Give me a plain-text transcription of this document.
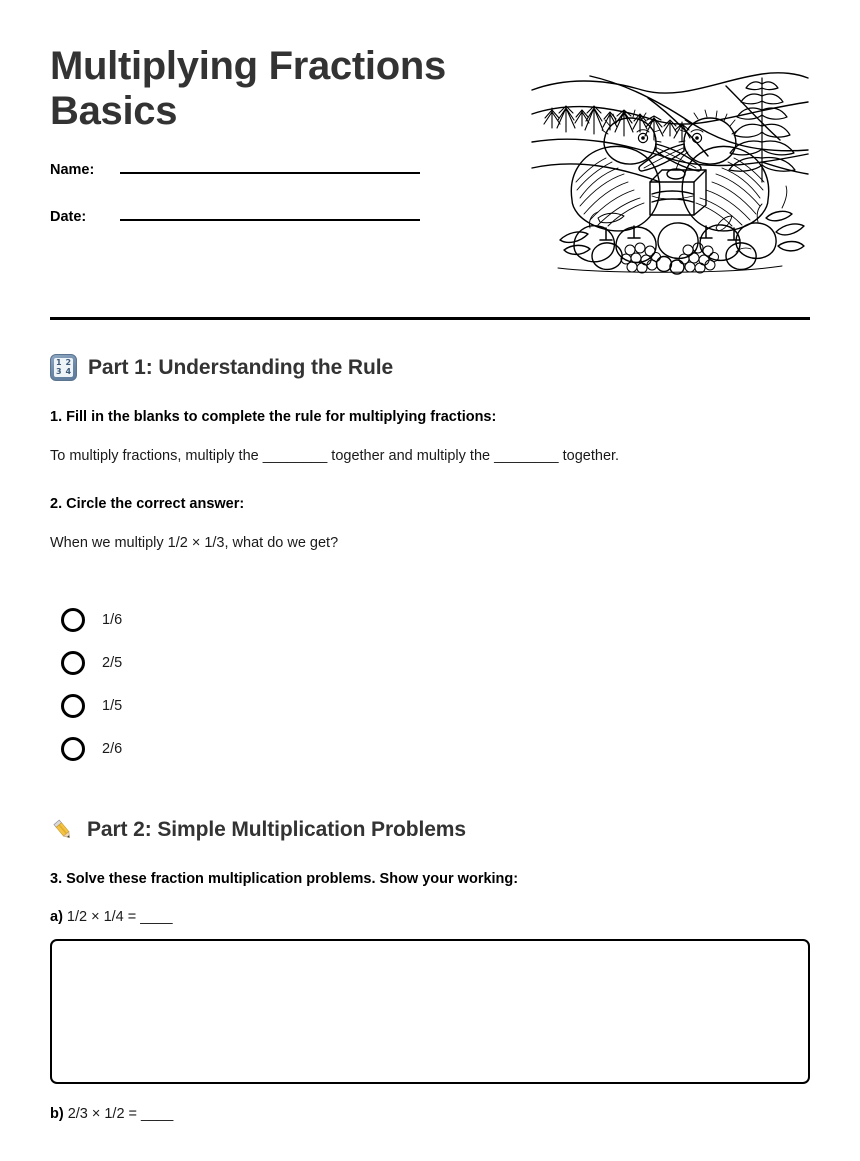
Multiplying Fractions Basics
Name:
Date:
1 2
3 4 Part 1: Understanding the Rule
1. Fill in the blanks to complete the rule for multiplying fractions:
To multiply fractions, multiply the ________ together and multiply the ________ together.
2. Circle the correct answer:
When we multiply 1/2 × 1/3, what do we get?
1/6
2/5
1/5
2/6
Part 2: Simple Multiplication Problems
3. Solve these fraction multiplication problems. Show your working:
a) 1/2 × 1/4 = ____
b) 2/3 × 1/2 = ____
